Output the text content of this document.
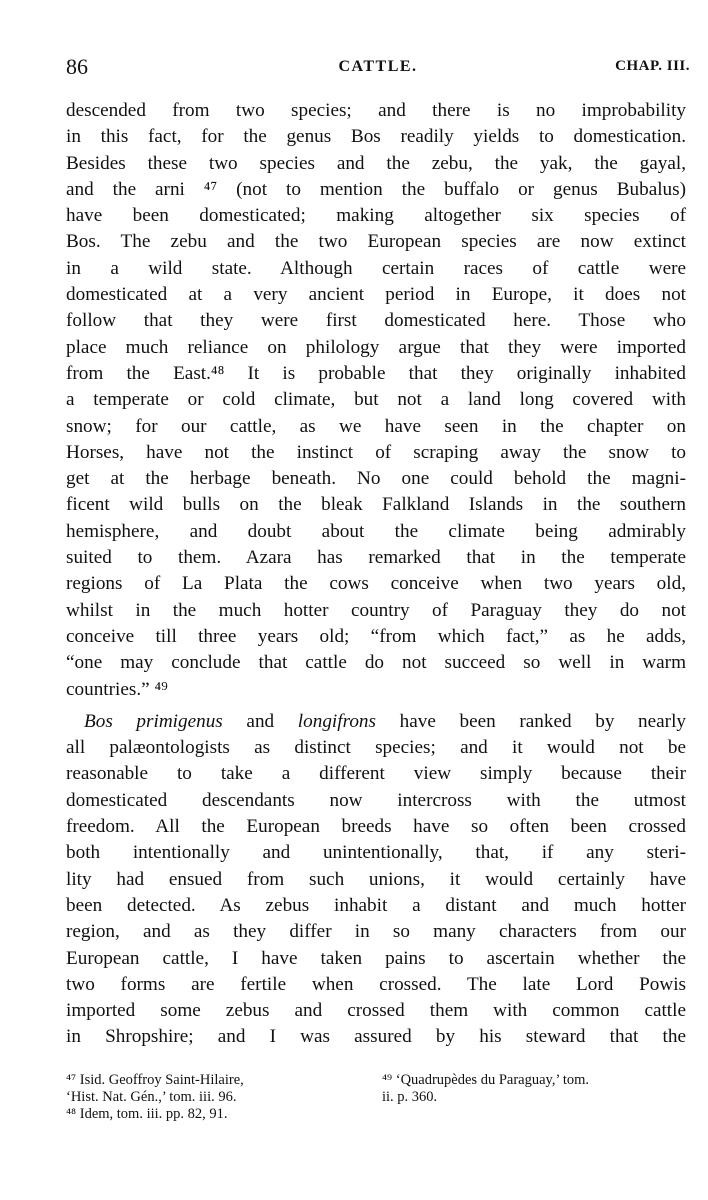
86	CATTLE.	CHAP. III.
descended from two species; and there is no improbability
in this fact, for the genus Bos readily yields to domestication.
Besides these two species and the zebu, the yak, the gayal,
and the arni ⁴⁷ (not to mention the buffalo or genus Bubalus)
have been domesticated; making altogether six species of
Bos. The zebu and the two European species are now extinct
in a wild state. Although certain races of cattle were
domesticated at a very ancient period in Europe, it does not
follow that they were first domesticated here. Those who
place much reliance on philology argue that they were imported
from the East.⁴⁸ It is probable that they originally inhabited
a temperate or cold climate, but not a land long covered with
snow; for our cattle, as we have seen in the chapter on
Horses, have not the instinct of scraping away the snow to
get at the herbage beneath. No one could behold the magni-
ficent wild bulls on the bleak Falkland Islands in the southern
hemisphere, and doubt about the climate being admirably
suited to them. Azara has remarked that in the temperate
regions of La Plata the cows conceive when two years old,
whilst in the much hotter country of Paraguay they do not
conceive till three years old; “from which fact,” as he adds,
“one may conclude that cattle do not succeed so well in warm
countries.” ⁴⁹
Bos primigenus and longifrons have been ranked by nearly
all palæontologists as distinct species; and it would not be
reasonable to take a different view simply because their
domesticated descendants now intercross with the utmost
freedom. All the European breeds have so often been crossed
both intentionally and unintentionally, that, if any steri-
lity had ensued from such unions, it would certainly have
been detected. As zebus inhabit a distant and much hotter
region, and as they differ in so many characters from our
European cattle, I have taken pains to ascertain whether the
two forms are fertile when crossed. The late Lord Powis
imported some zebus and crossed them with common cattle
in Shropshire; and I was assured by his steward that the
⁴⁷ Isid. Geoffroy Saint-Hilaire,
‘Hist. Nat. Gén.,’ tom. iii. 96.
⁴⁸ Idem, tom. iii. pp. 82, 91.
⁴⁹ ‘Quadrupèdes du Paraguay,’ tom.
ii. p. 360.
